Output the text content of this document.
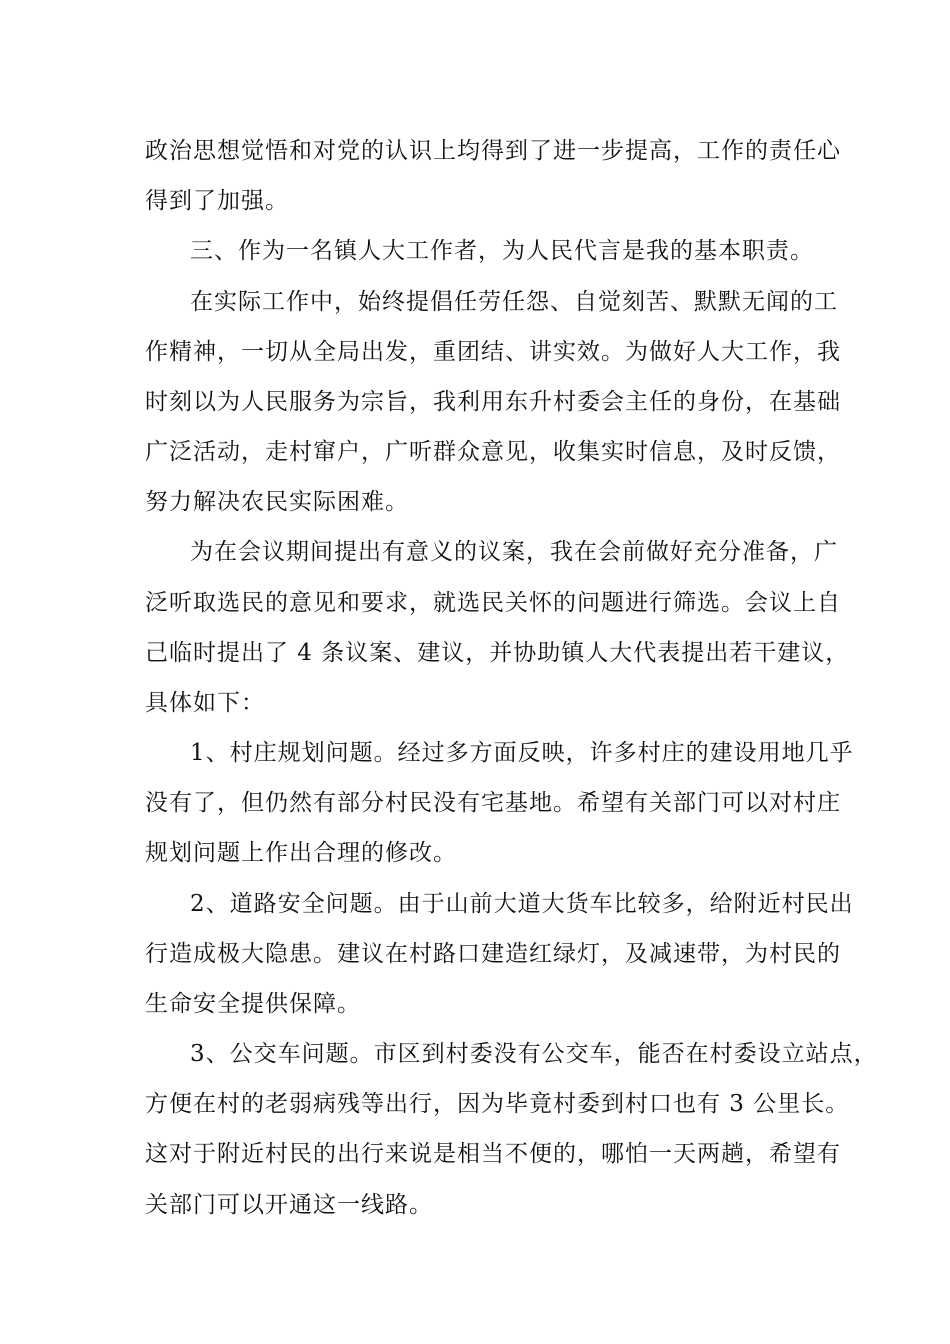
政治思想觉悟和对党的认识上均得到了进一步提高，工作的责任心

得到了加强。

三、作为一名镇人大工作者，为人民代言是我的基本职责。

在实际工作中，始终提倡任劳任怨、自觉刻苦、默默无闻的工

作精神，一切从全局出发，重团结、讲实效。为做好人大工作，我

时刻以为人民服务为宗旨，我利用东升村委会主任的身份，在基础

广泛活动，走村窜户，广听群众意见，收集实时信息，及时反馈，

努力解决农民实际困难。

为在会议期间提出有意义的议案，我在会前做好充分准备，广

泛听取选民的意见和要求，就选民关怀的问题进行筛选。会议上自

己临时提出了 4 条议案、建议，并协助镇人大代表提出若干建议，

具体如下：

1、村庄规划问题。经过多方面反映，许多村庄的建设用地几乎

没有了，但仍然有部分村民没有宅基地。希望有关部门可以对村庄

规划问题上作出合理的修改。

2、道路安全问题。由于山前大道大货车比较多，给附近村民出

行造成极大隐患。建议在村路口建造红绿灯，及减速带，为村民的

生命安全提供保障。

3、公交车问题。市区到村委没有公交车，能否在村委设立站点，

方便在村的老弱病残等出行，因为毕竟村委到村口也有 3 公里长。

这对于附近村民的出行来说是相当不便的，哪怕一天两趟，希望有

关部门可以开通这一线路。
